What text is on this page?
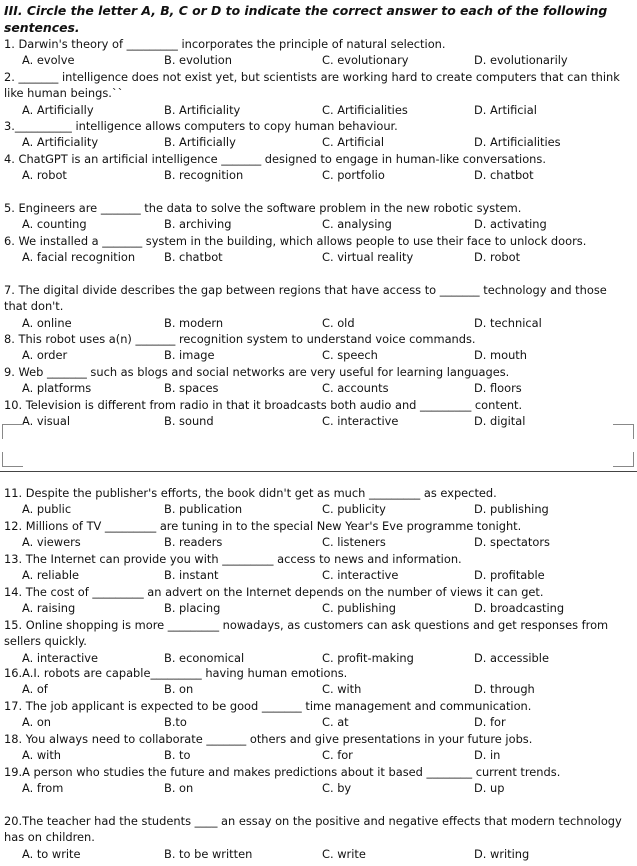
III. Circle the letter A, B, C or D to indicate the correct answer to each of the following sentences.
1. Darwin's theory of _________ incorporates the principle of natural selection.
A. evolve	B. evolution	C. evolutionary	D. evolutionarily
2. _______ intelligence does not exist yet, but scientists are working hard to create computers that can think like human beings.``
A. Artificially	B. Artificiality	C. Artificialities	D. Artificial
3.__________ intelligence allows computers to copy human behaviour.
A. Artificiality	B. Artificially	C. Artificial	D. Artificialities
4. ChatGPT is an artificial intelligence _______ designed to engage in human-like conversations.
A. robot	B. recognition	C. portfolio	D. chatbot
5. Engineers are _______ the data to solve the software problem in the new robotic system.
A. counting	B. archiving	C. analysing	D. activating
6. We installed a _______ system in the building, which allows people to use their face to unlock doors.
A. facial recognition	B. chatbot	C. virtual reality	D. robot
7. The digital divide describes the gap between regions that have access to _______ technology and those that don't.
A. online	B. modern	C. old	D. technical
8. This robot uses a(n) _______ recognition system to understand voice commands.
A. order	B. image	C. speech	D. mouth
9. Web _______ such as blogs and social networks are very useful for learning languages.
A. platforms	B. spaces	C. accounts	D. floors
10. Television is different from radio in that it broadcasts both audio and _________ content.
A. visual	B. sound	C. interactive	D. digital
11. Despite the publisher's efforts, the book didn't get as much _________ as expected.
A. public	B. publication	C. publicity	D. publishing
12. Millions of TV _________ are tuning in to the special New Year's Eve programme tonight.
A. viewers	B. readers	C. listeners	D. spectators
13. The Internet can provide you with _________ access to news and information.
A. reliable	B. instant	C. interactive	D. profitable
14. The cost of _________ an advert on the Internet depends on the number of views it can get.
A. raising	B. placing	C. publishing	D. broadcasting
15. Online shopping is more _________ nowadays, as customers can ask questions and get responses from sellers quickly.
A. interactive	B. economical	C. profit-making	D. accessible
16.A.I. robots are capable_________ having human emotions.
A. of	B. on	C. with	D. through
17. The job applicant is expected to be good _______ time management and communication.
A. on	B.to	C. at	D. for
18. You always need to collaborate _______ others and give presentations in your future jobs.
A. with	B. to	C. for	D. in
19.A person who studies the future and makes predictions about it based ________ current trends.
A. from	B. on	C. by	D. up
20.The teacher had the students ____ an essay on the positive and negative effects that modern technology has on children.
A. to write	B. to be written	C. write	D. writing
